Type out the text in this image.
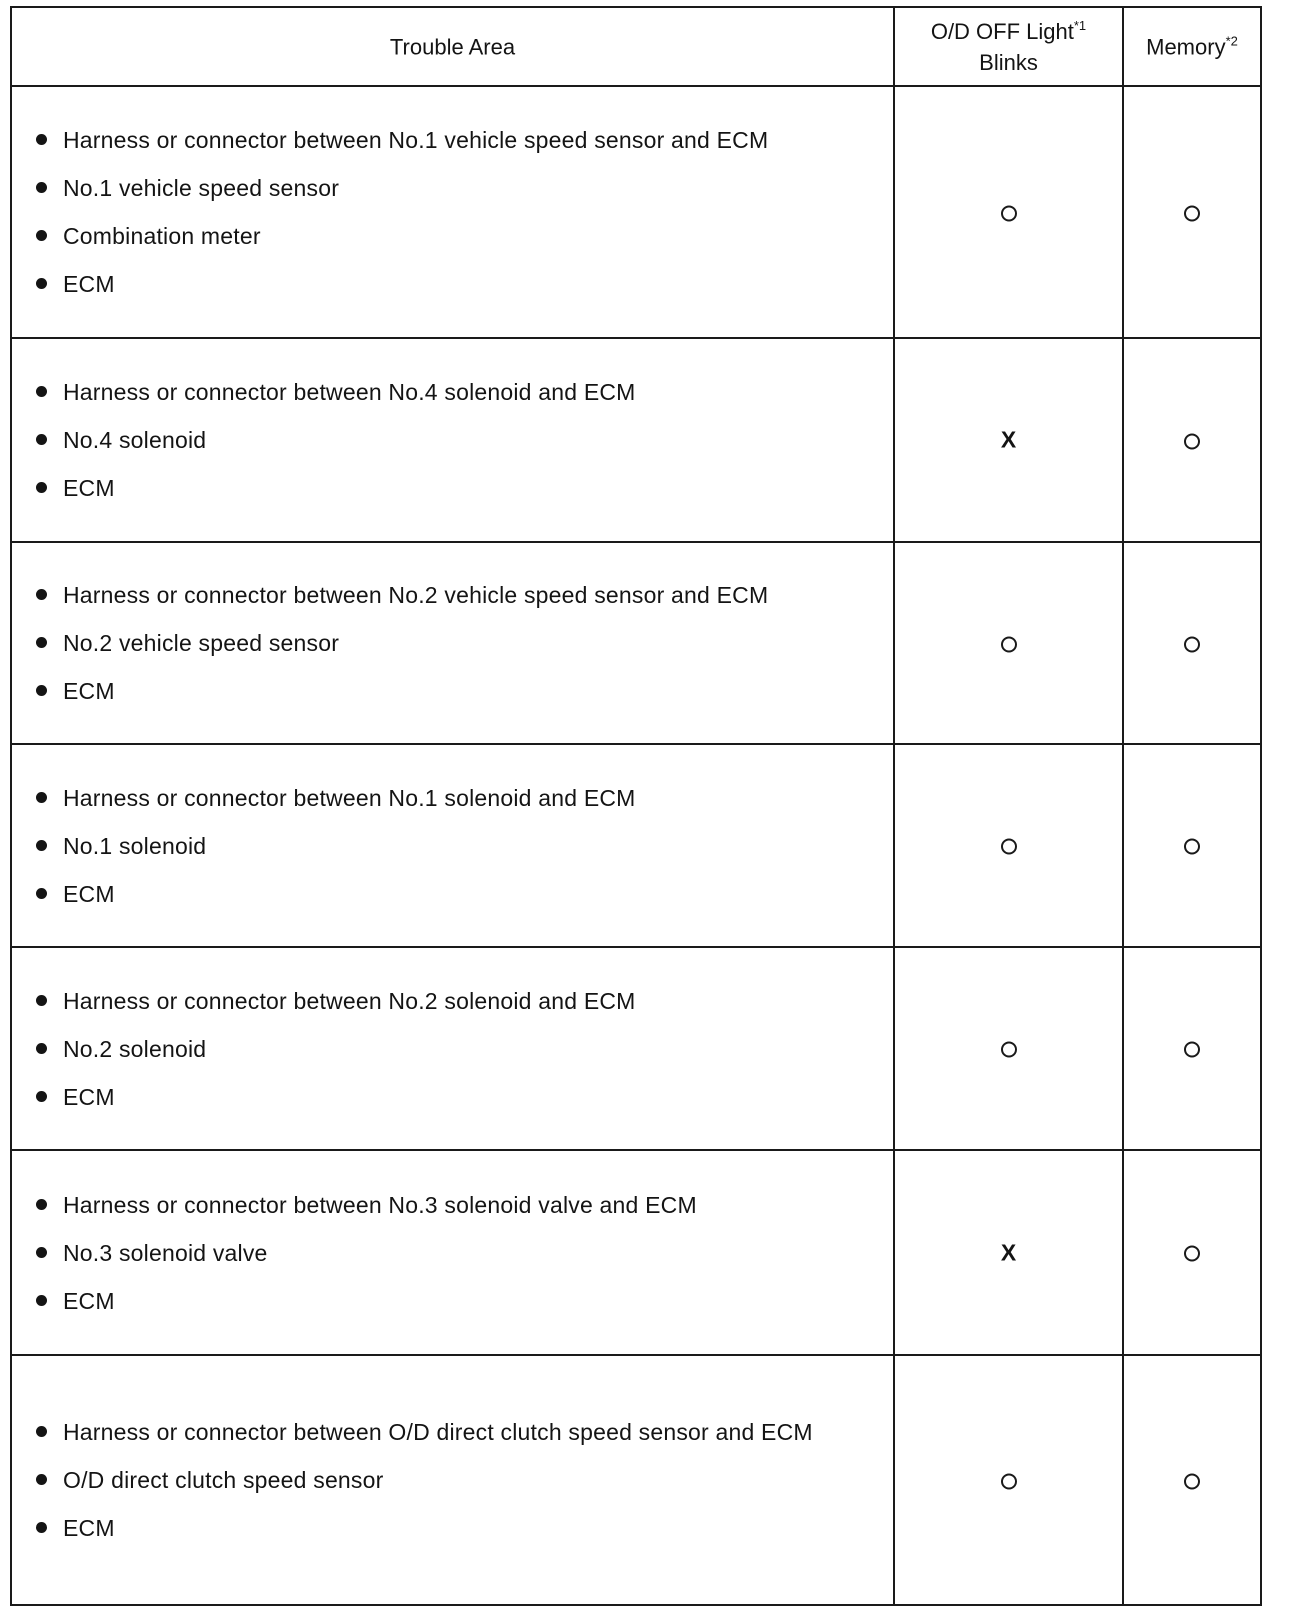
Trouble Area
O/D OFF Light$^{*1}$
Blinks
Memory$^{*2}$
Harness or connector between No.1 vehicle speed sensor and ECM
No.1 vehicle speed sensor
Combination meter
ECM
Harness or connector between No.4 solenoid and ECM
No.4 solenoid
ECM
X
Harness or connector between No.2 vehicle speed sensor and ECM
No.2 vehicle speed sensor
ECM
Harness or connector between No.1 solenoid and ECM
No.1 solenoid
ECM
Harness or connector between No.2 solenoid and ECM
No.2 solenoid
ECM
Harness or connector between No.3 solenoid valve and ECM
No.3 solenoid valve
ECM
X
Harness or connector between O/D direct clutch speed sensor and ECM
O/D direct clutch speed sensor
ECM
